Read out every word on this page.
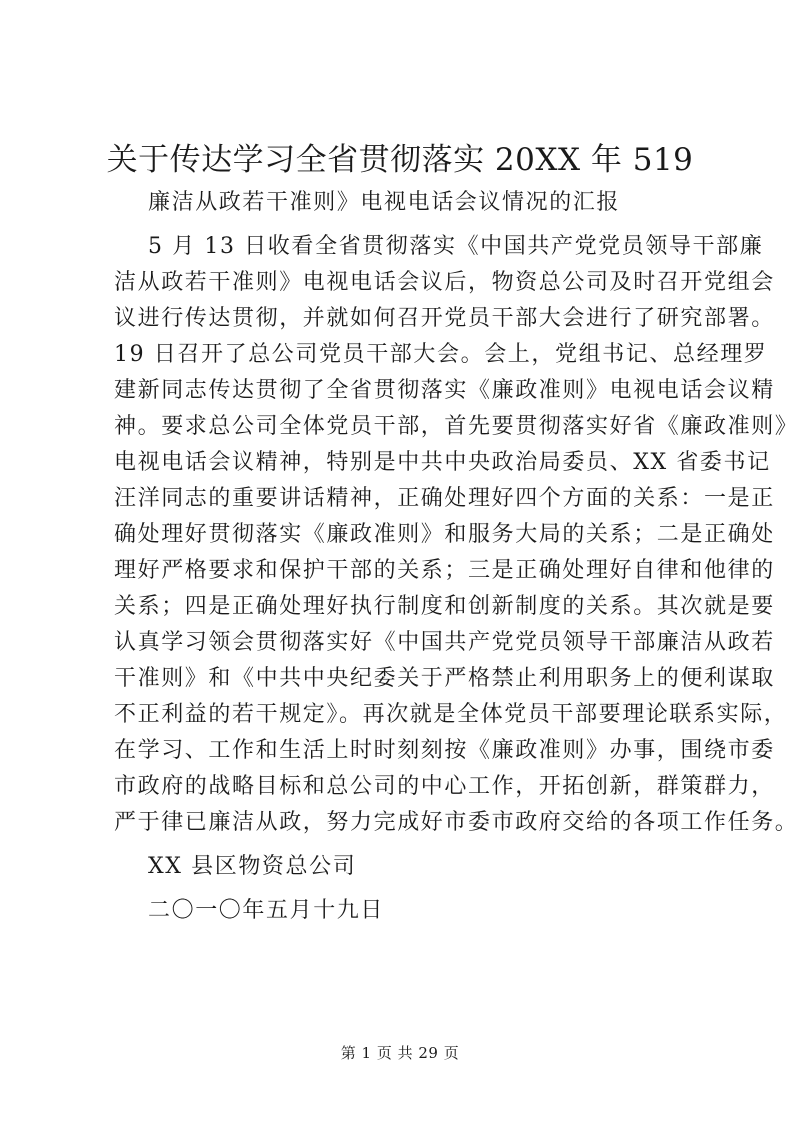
关于传达学习全省贯彻落实 20XX 年 519
廉洁从政若干准则》电视电话会议情况的汇报
5 月 13 日收看全省贯彻落实《中国共产党党员领导干部廉
洁从政若干准则》电视电话会议后，物资总公司及时召开党组会
议进行传达贯彻，并就如何召开党员干部大会进行了研究部署。
19 日召开了总公司党员干部大会。会上，党组书记、总经理罗
建新同志传达贯彻了全省贯彻落实《廉政准则》电视电话会议精
神。要求总公司全体党员干部，首先要贯彻落实好省《廉政准则》
电视电话会议精神，特别是中共中央政治局委员、XX 省委书记
汪洋同志的重要讲话精神，正确处理好四个方面的关系：一是正
确处理好贯彻落实《廉政准则》和服务大局的关系；二是正确处
理好严格要求和保护干部的关系；三是正确处理好自律和他律的
关系；四是正确处理好执行制度和创新制度的关系。其次就是要
认真学习领会贯彻落实好《中国共产党党员领导干部廉洁从政若
干准则》和《中共中央纪委关于严格禁止利用职务上的便利谋取
不正利益的若干规定》。再次就是全体党员干部要理论联系实际，
在学习、工作和生活上时时刻刻按《廉政准则》办事，围绕市委
市政府的战略目标和总公司的中心工作，开拓创新，群策群力，
严于律已廉洁从政，努力完成好市委市政府交给的各项工作任务。
XX 县区物资总公司
二〇一〇年五月十九日
第 1 页 共 29 页
